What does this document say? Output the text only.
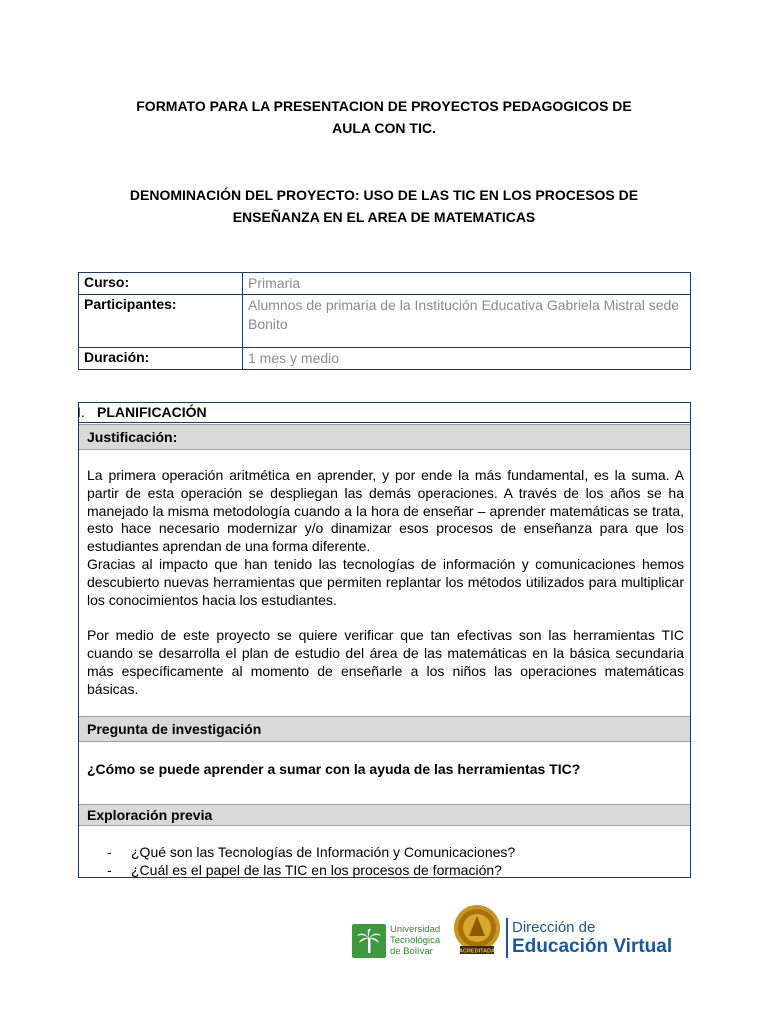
FORMATO PARA LA PRESENTACION DE PROYECTOS PEDAGOGICOS DE
AULA CON TIC.
DENOMINACIÓN DEL PROYECTO: USO DE LAS TIC EN LOS PROCESOS DE
ENSEÑANZA EN EL AREA DE MATEMATICAS
Curso:	Primaria
Participantes:	Alumnos de primaria de la Institución Educativa Gabriela Mistral sede Bonito
Duración:	1 mes y medio
I. PLANIFICACIÓN
Justificación:

La primera operación aritmética en aprender, y por ende la más fundamental, es la suma. A partir de esta operación se despliegan las demás operaciones. A través de los años se ha manejado la misma metodología cuando a la hora de enseñar – aprender matemáticas se trata, esto hace necesario modernizar y/o dinamizar esos procesos de enseñanza para que los estudiantes aprendan de una forma diferente.

Gracias al impacto que han tenido las tecnologías de información y comunicaciones hemos descubierto nuevas herramientas que permiten replantar los métodos utilizados para multiplicar los conocimientos hacia los estudiantes.

Por medio de este proyecto se quiere verificar que tan efectivas son las herramientas TIC cuando se desarrolla el plan de estudio del área de las matemáticas en la básica secundaria más específicamente al momento de enseñarle a los niños las operaciones matemáticas básicas.

Pregunta de investigación
¿Cómo se puede aprender a sumar con la ayuda de las herramientas TIC?
Exploración previa
- ¿Qué son las Tecnologías de Información y Comunicaciones?
- ¿Cuál es el papel de las TIC en los procesos de formación?
Universidad
Tecnológica
de Bolívar	ACREDITADA
Dirección de
Educación Virtual
